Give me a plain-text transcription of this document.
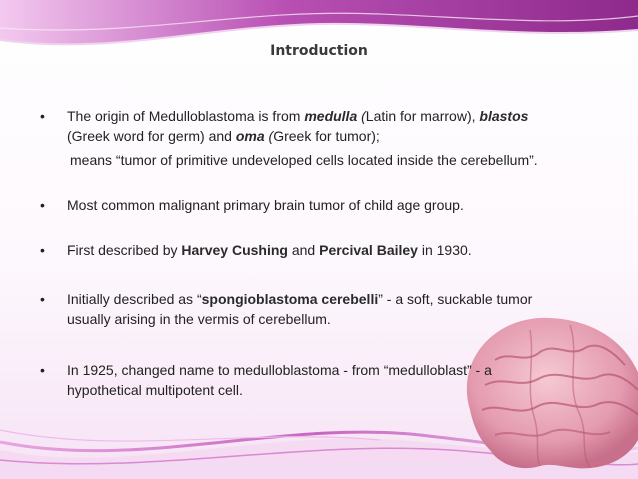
Introduction
•	The origin of Medulloblastoma is from medulla (Latin for marrow), blastos
(Greek word for germ) and oma (Greek for tumor);
means “tumor of primitive undeveloped cells located inside the cerebellum”.
•	Most common malignant primary brain tumor of child age group.
•	First described by Harvey Cushing and Percival Bailey in 1930.
•	Initially described as “spongioblastoma cerebelli” - a soft, suckable tumor
usually arising in the vermis of cerebellum.
•	In 1925, changed name to medulloblastoma - from “medulloblast” - a
hypothetical multipotent cell.
